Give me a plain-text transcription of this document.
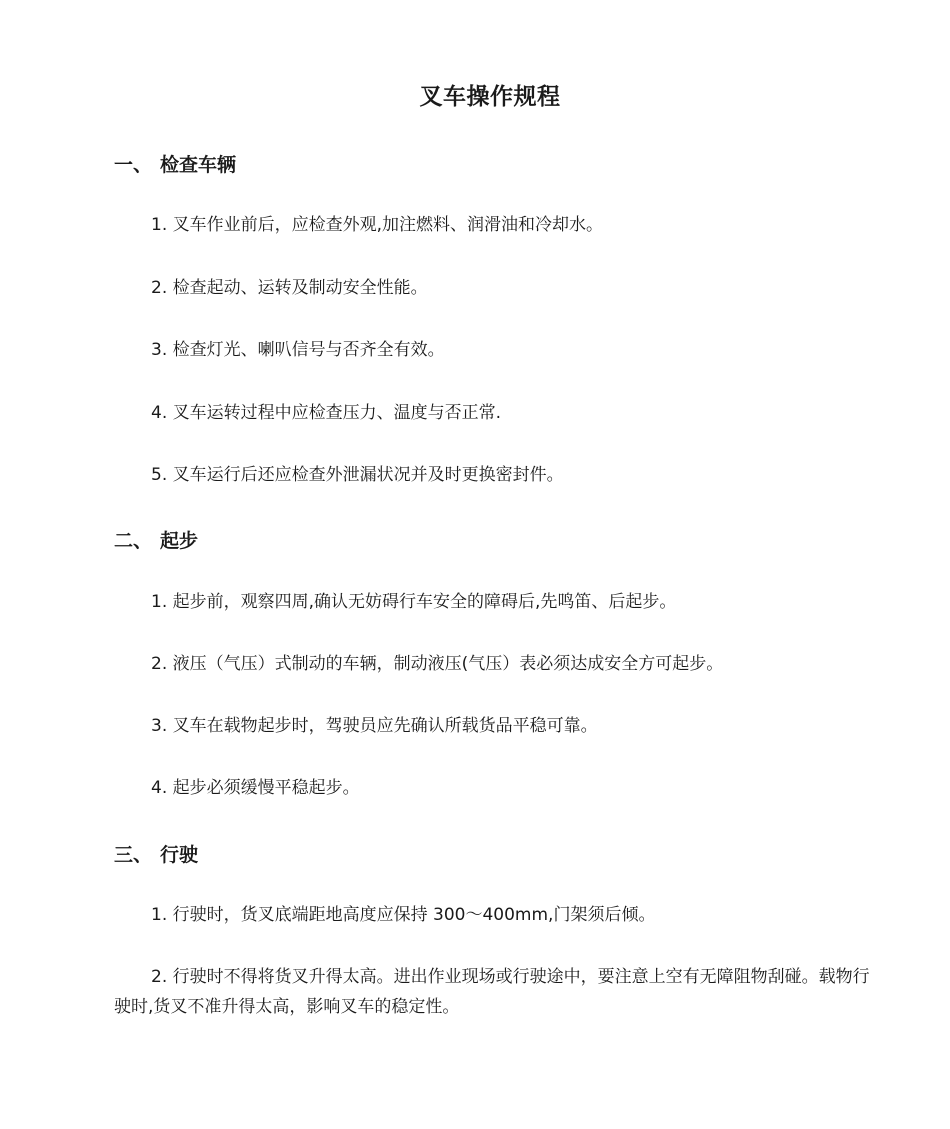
叉车操作规程
一、 检查车辆
1. 叉车作业前后，应检查外观,加注燃料、润滑油和冷却水。
2. 检查起动、运转及制动安全性能。
3. 检查灯光、喇叭信号与否齐全有效。
4. 叉车运转过程中应检查压力、温度与否正常.
5. 叉车运行后还应检查外泄漏状况并及时更换密封件。
二、 起步
1. 起步前，观察四周,确认无妨碍行车安全的障碍后,先鸣笛、后起步。
2. 液压（气压）式制动的车辆，制动液压(气压）表必须达成安全方可起步。
3. 叉车在载物起步时，驾驶员应先确认所载货品平稳可靠。
4. 起步必须缓慢平稳起步。
三、 行驶
1. 行驶时，货叉底端距地高度应保持 300～400mm,门架须后倾。
2. 行驶时不得将货叉升得太高。进出作业现场或行驶途中，要注意上空有无障阻物刮碰。载物行驶时,货叉不准升得太高，影响叉车的稳定性。
